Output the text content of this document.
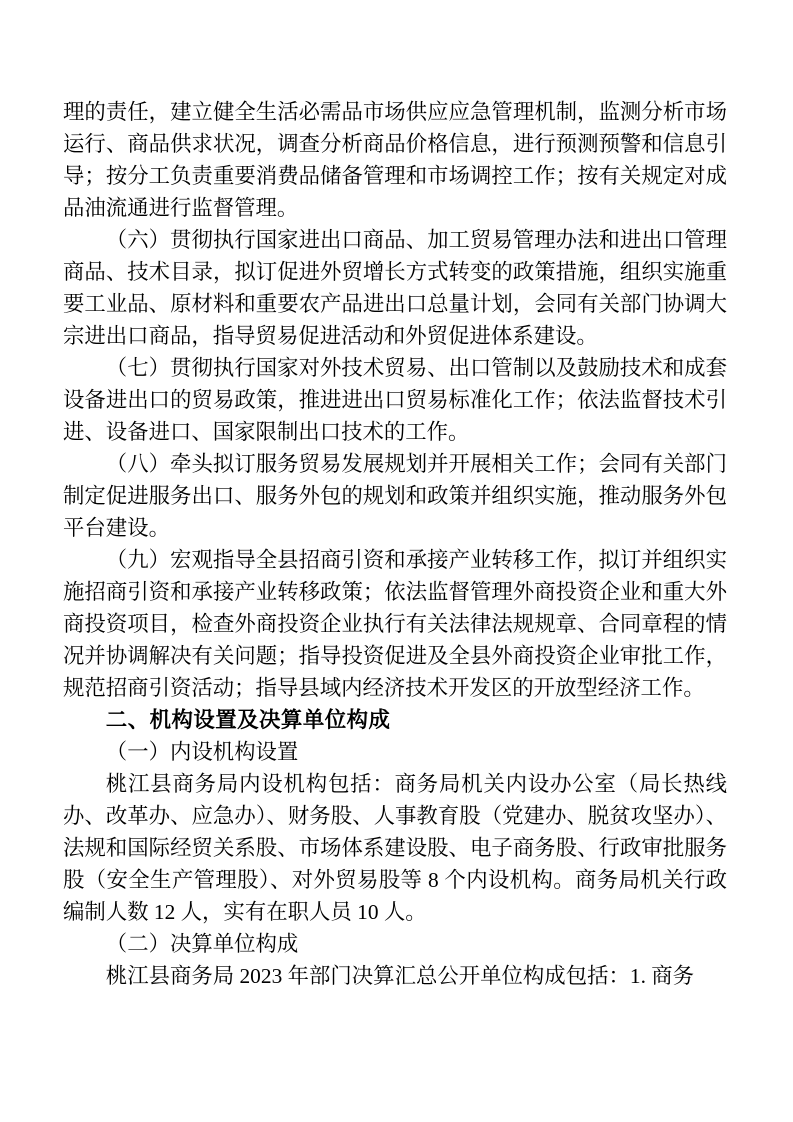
理的责任，建立健全生活必需品市场供应应急管理机制，监测分析市场运行、商品供求状况，调查分析商品价格信息，进行预测预警和信息引导；按分工负责重要消费品储备管理和市场调控工作；按有关规定对成品油流通进行监督管理。

（六）贯彻执行国家进出口商品、加工贸易管理办法和进出口管理商品、技术目录，拟订促进外贸增长方式转变的政策措施，组织实施重要工业品、原材料和重要农产品进出口总量计划，会同有关部门协调大宗进出口商品，指导贸易促进活动和外贸促进体系建设。

（七）贯彻执行国家对外技术贸易、出口管制以及鼓励技术和成套设备进出口的贸易政策，推进进出口贸易标准化工作；依法监督技术引进、设备进口、国家限制出口技术的工作。

（八）牵头拟订服务贸易发展规划并开展相关工作；会同有关部门制定促进服务出口、服务外包的规划和政策并组织实施，推动服务外包平台建设。

（九）宏观指导全县招商引资和承接产业转移工作，拟订并组织实施招商引资和承接产业转移政策；依法监督管理外商投资企业和重大外商投资项目，检查外商投资企业执行有关法律法规规章、合同章程的情况并协调解决有关问题；指导投资促进及全县外商投资企业审批工作，规范招商引资活动；指导县域内经济技术开发区的开放型经济工作。

二、机构设置及决算单位构成

（一）内设机构设置

桃江县商务局内设机构包括：商务局机关内设办公室（局长热线办、改革办、应急办）、财务股、人事教育股（党建办、脱贫攻坚办）、法规和国际经贸关系股、市场体系建设股、电子商务股、行政审批服务股（安全生产管理股）、对外贸易股等 8 个内设机构。商务局机关行政编制人数 12 人，实有在职人员 10 人。

（二）决算单位构成

桃江县商务局 2023 年部门决算汇总公开单位构成包括：1. 商务
